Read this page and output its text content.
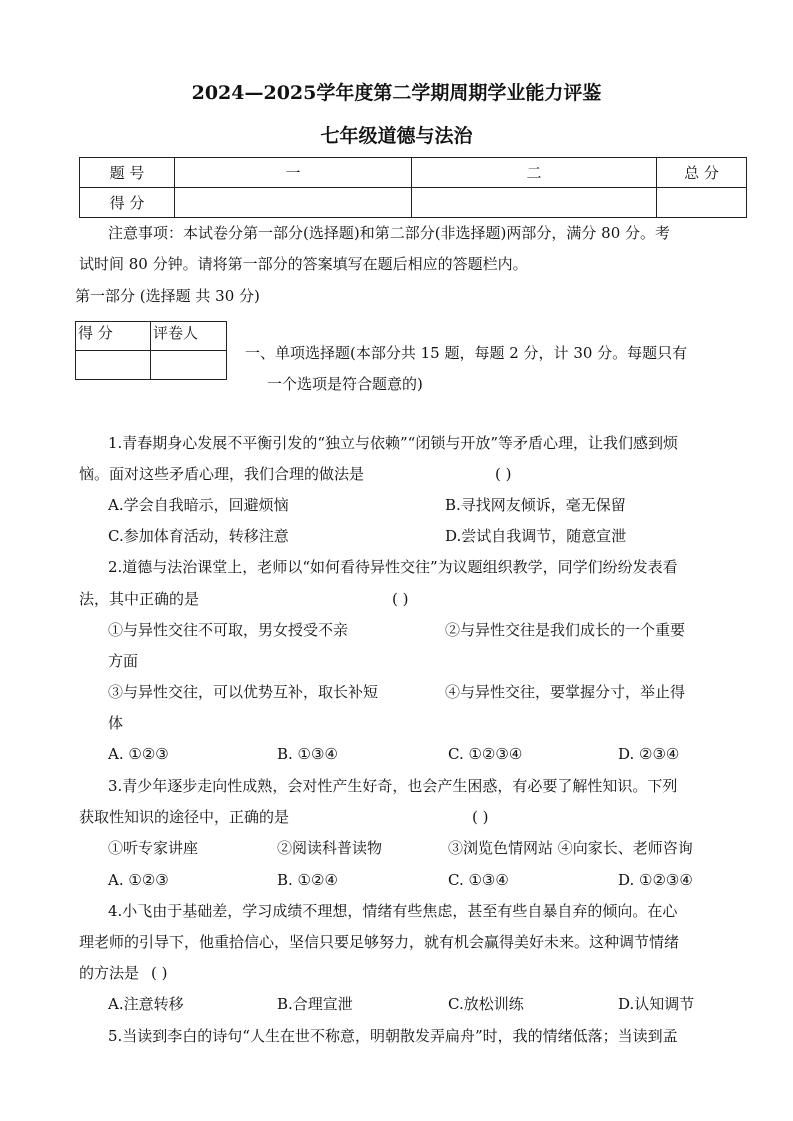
2024—2025学年度第二学期周期学业能力评鉴
七年级道德与法治
题 号	一	二	总 分
得 分			
注意事项：本试卷分第一部分(选择题)和第二部分(非选择题)两部分，满分 80 分。考
试时间 80 分钟。请将第一部分的答案填写在题后相应的答题栏内。
第一部分 (选择题 共 30 分)
得 分	评卷人

一、单项选择题(本部分共 15 题，每题 2 分，计 30 分。每题只有
一个选项是符合题意的)
1.青春期身心发展不平衡引发的“独立与依赖”“闭锁与开放”等矛盾心理，让我们感到烦
恼。面对这些矛盾心理，我们合理的做法是	( )
A.学会自我暗示，回避烦恼	B.寻找网友倾诉，毫无保留
C.参加体育活动，转移注意	D.尝试自我调节，随意宣泄
2.道德与法治课堂上，老师以“如何看待异性交往”为议题组织教学，同学们纷纷发表看
法，其中正确的是	( )
①与异性交往不可取，男女授受不亲	②与异性交往是我们成长的一个重要
方面
③与异性交往，可以优势互补，取长补短	④与异性交往，要掌握分寸，举止得
体
A. ①②③	B. ①③④	C. ①②③④	D. ②③④
3.青少年逐步走向性成熟，会对性产生好奇，也会产生困惑，有必要了解性知识。下列
获取性知识的途径中，正确的是	( )
①听专家讲座	②阅读科普读物	③浏览色情网站 ④向家长、老师咨询
A. ①②③	B. ①②④	C. ①③④	D. ①②③④
4.小飞由于基础差，学习成绩不理想，情绪有些焦虑，甚至有些自暴自弃的倾向。在心
理老师的引导下，他重拾信心，坚信只要足够努力，就有机会赢得美好未来。这种调节情绪
的方法是 ( )
A.注意转移	B.合理宣泄	C.放松训练	D.认知调节
5.当读到李白的诗句“人生在世不称意，明朝散发弄扁舟”时，我的情绪低落；当读到孟
